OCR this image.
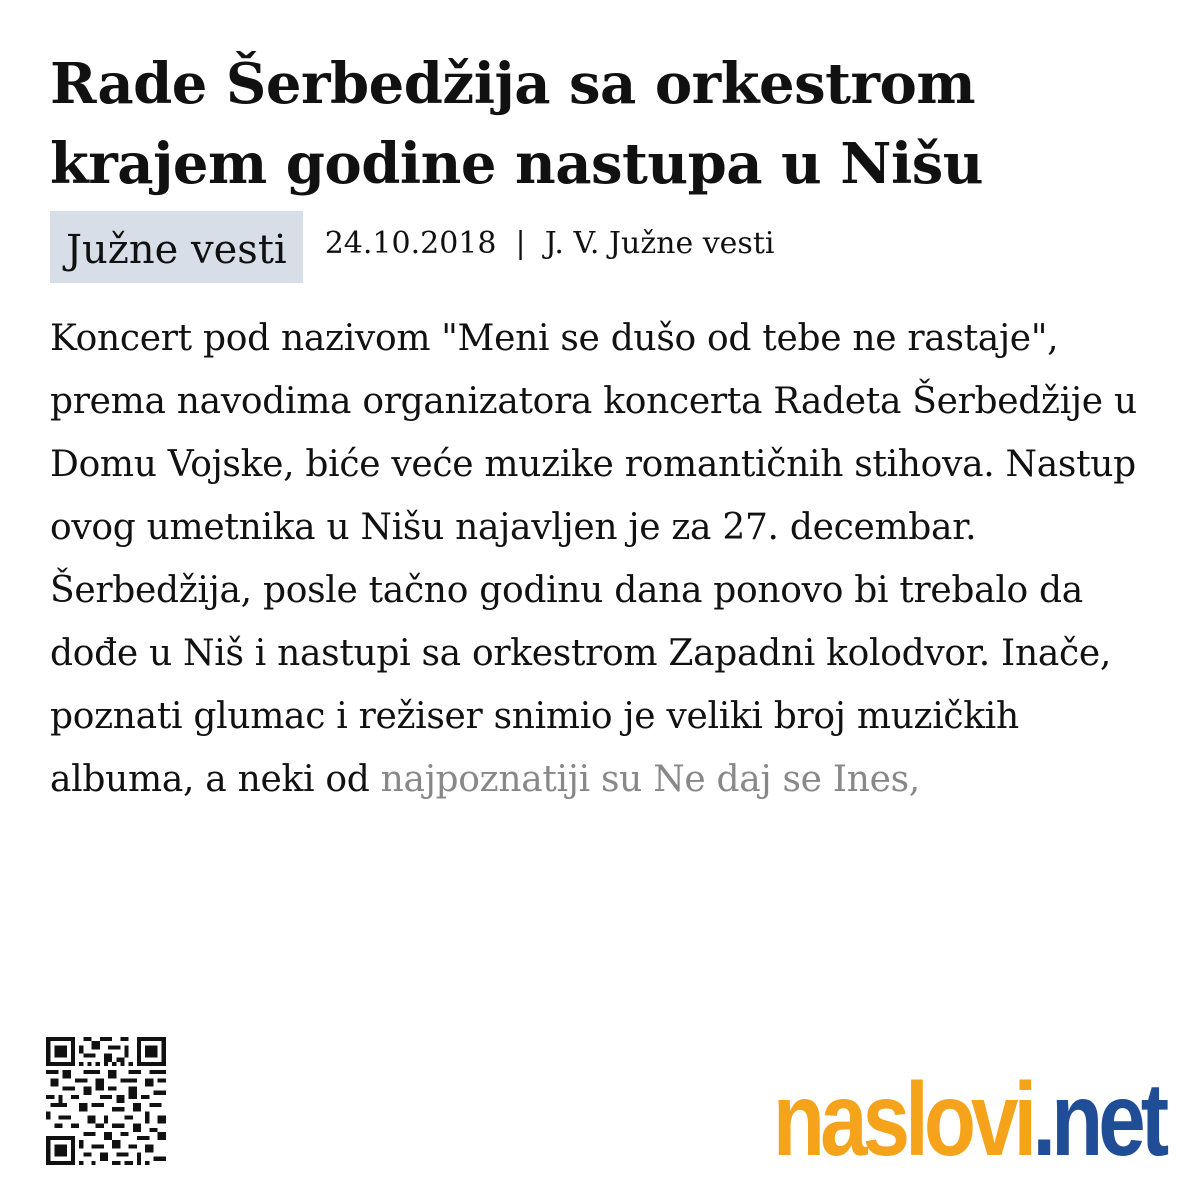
Rade Šerbedžija sa orkestrom krajem godine nastupa u Nišu
Južne vesti	24.10.2018  |  J. V. Južne vesti

Koncert pod nazivom "Meni se dušo od tebe ne rastaje", prema navodima organizatora koncerta Radeta Šerbedžije u Domu Vojske, biće veće muzike romantičnih stihova. Nastup ovog umetnika u Nišu najavljen je za 27. decembar. Šerbedžija, posle tačno godinu dana ponovo bi trebalo da dođe u Niš i nastupi sa orkestrom Zapadni kolodvor. Inače, poznati glumac i režiser snimio je veliki broj muzičkih albuma, a neki od najpoznatiji su Ne daj se Ines,

naslovi .net
